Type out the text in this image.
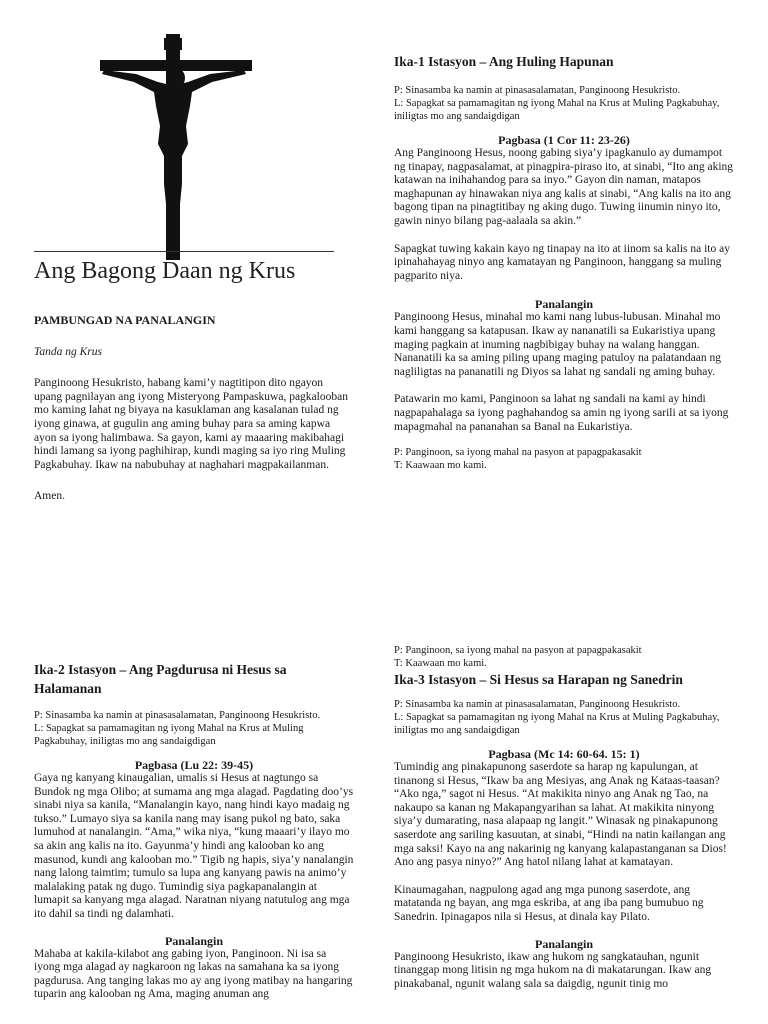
Ang Bagong Daan ng Krus

PAMBUNGAD NA PANALANGIN

Tanda ng Krus

Panginoong Hesukristo, habang kami’y nagtitipon dito ngayon upang pagnilayan ang iyong Misteryong Pampaskuwa, pagkalooban mo kaming lahat ng biyaya na kasuklaman ang kasalanan tulad ng iyong ginawa, at gugulin ang aming buhay para sa aming kapwa ayon sa iyong halimbawa. Sa gayon, kami ay maaaring makibahagi hindi lamang sa iyong paghihirap, kundi maging sa iyo ring Muling Pagkabuhay. Ikaw na nabubuhay at naghahari magpakailanman.

Amen.

Ika-1 Istasyon – Ang Huling Hapunan

P: Sinasamba ka namin at pinasasalamatan, Panginoong Hesukristo.

L: Sapagkat sa pamamagitan ng iyong Mahal na Krus at Muling Pagkabuhay, iniligtas mo ang sandaigdigan

Pagbasa (1 Cor 11: 23-26)

Ang Panginoong Hesus, noong gabing siya’y ipagkanulo ay dumampot ng tinapay, nagpasalamat, at pinagpira-piraso ito, at sinabi, “Ito ang aking katawan na inihahandog para sa inyo.” Gayon din naman, matapos maghapunan ay hinawakan niya ang kalis at sinabi, “Ang kalis na ito ang bagong tipan na pinagtitibay ng aking dugo. Tuwing iinumin ninyo ito, gawin ninyo bilang pag-aalaala sa akin.”

Sapagkat tuwing kakain kayo ng tinapay na ito at iinom sa kalis na ito ay ipinahahayag ninyo ang kamatayan ng Panginoon, hanggang sa muling pagparito niya.

Panalangin

Panginoong Hesus, minahal mo kami nang lubus-lubusan. Minahal mo kami hanggang sa katapusan. Ikaw ay nananatili sa Eukaristiya upang maging pagkain at inuming nagbibigay buhay na walang hanggan. Nananatili ka sa aming piling upang maging patuloy na palatandaan ng nagliligtas na pananatili ng Diyos sa lahat ng sandali ng aming buhay.

Patawarin mo kami, Panginoon sa lahat ng sandali na kami ay hindi nagpapahalaga sa iyong paghahandog sa amin ng iyong sarili at sa iyong mapagmahal na pananahan sa Banal na Eukaristiya.

P: Panginoon, sa iyong mahal na pasyon at papagpakasakit

T: Kaawaan mo kami.

Ika-2 Istasyon – Ang Pagdurusa ni Hesus sa Halamanan

P: Sinasamba ka namin at pinasasalamatan, Panginoong Hesukristo.

L: Sapagkat sa pamamagitan ng iyong Mahal na Krus at Muling Pagkabuhay, iniligtas mo ang sandaigdigan

Pagbasa (Lu 22: 39-45)

Gaya ng kanyang kinaugalian, umalis si Hesus at nagtungo sa Bundok ng mga Olibo; at sumama ang mga alagad. Pagdating doo’ys sinabi niya sa kanila, “Manalangin kayo, nang hindi kayo madaig ng tukso.” Lumayo siya sa kanila nang may isang pukol ng bato, saka lumuhod at nanalangin. “Ama,” wika niya, “kung maaari’y ilayo mo sa akin ang kalis na ito. Gayunma’y hindi ang kalooban ko ang masunod, kundi ang kalooban mo.” Tigib ng hapis, siya’y nanalangin nang lalong taimtim; tumulo sa lupa ang kanyang pawis na animo’y malalaking patak ng dugo. Tumindig siya pagkapanalangin at lumapit sa kanyang mga alagad. Naratnan niyang natutulog ang mga ito dahil sa tindi ng dalamhati.

Panalangin

Mahaba at kakila-kilabot ang gabing iyon, Panginoon. Ni isa sa iyong mga alagad ay nagkaroon ng lakas na samahana ka sa iyong pagdurusa. Ang tanging lakas mo ay ang iyong matibay na hangaring tuparin ang kalooban ng Ama, maging anuman ang

P: Panginoon, sa iyong mahal na pasyon at papagpakasakit

T: Kaawaan mo kami.

Ika-3 Istasyon – Si Hesus sa Harapan ng Sanedrin

P: Sinasamba ka namin at pinasasalamatan, Panginoong Hesukristo.

L: Sapagkat sa pamamagitan ng iyong Mahal na Krus at Muling Pagkabuhay, iniligtas mo ang sandaigdigan

Pagbasa (Mc 14: 60-64. 15: 1)

Tumindig ang pinakapunong saserdote sa harap ng kapulungan, at tinanong si Hesus, “Ikaw ba ang Mesiyas, ang Anak ng Kataas-taasan? “Ako nga,” sagot ni Hesus. “At makikita ninyo ang Anak ng Tao, na nakaupo sa kanan ng Makapangyarihan sa lahat. At makikita ninyong siya’y dumarating, nasa alapaap ng langit.” Winasak ng pinakapunong saserdote ang sariling kasuutan, at sinabi, “Hindi na natin kailangan ang mga saksi! Kayo na ang nakarinig ng kanyang kalapastanganan sa Dios! Ano ang pasya ninyo?” Ang hatol nilang lahat at kamatayan.

Kinaumagahan, nagpulong agad ang mga punong saserdote, ang matatanda ng bayan, ang mga eskriba, at ang iba pang bumubuo ng Sanedrin. Ipinagapos nila si Hesus, at dinala kay Pilato.

Panalangin

Panginoong Hesukristo, ikaw ang hukom ng sangkatauhan, ngunit tinanggap mong litisin ng mga hukom na di makatarungan. Ikaw ang pinakabanal, ngunit walang sala sa daigdig, ngunit tinig mo
